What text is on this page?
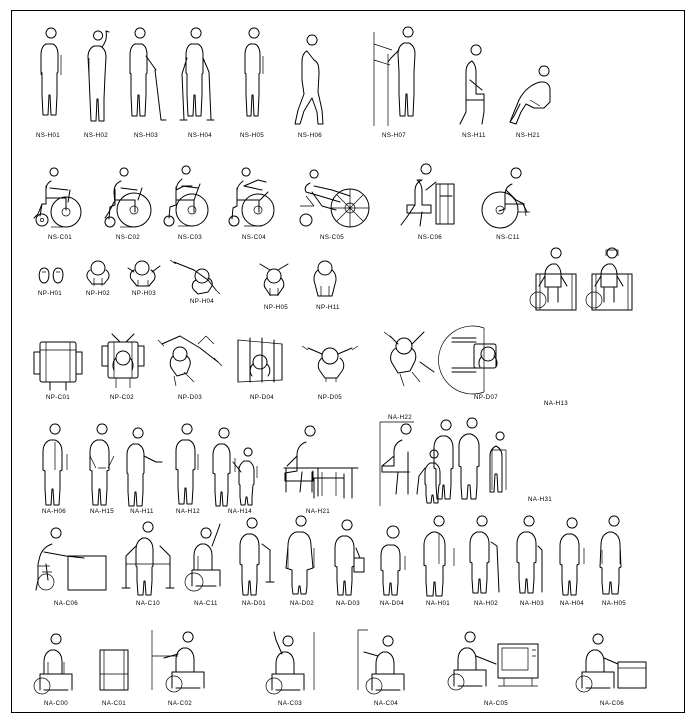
NS-H01	NS-H02	NS-H03	NS-H04	NS-H05	NS-H06	NS-H07	NS-H11	NS-H21
NS-C01	NS-C02	NS-C03	NS-C04	NS-C05	NS-C06	NS-C11
NP-H01	NP-H02	NP-H03
NP-H04
NP-H05	NP-H11
NA-H13
NP-C01	NP-C02	NP-D03	NP-D04	NP-D05
NA-H22
NP-D07
NA-H06	NA-H15	NA-H11	NA-H12	NA-H14	NA-H21
NA-H31
NA-C06	NA-C10	NA-C11	NA-D01	NA-D02	NA-D03	NA-D04	NA-H01	NA-H02	NA-H03	NA-H04	NA-H05
NA-C00	NA-C01	NA-C02	NA-C03	NA-C04	NA-C05	NA-C06
